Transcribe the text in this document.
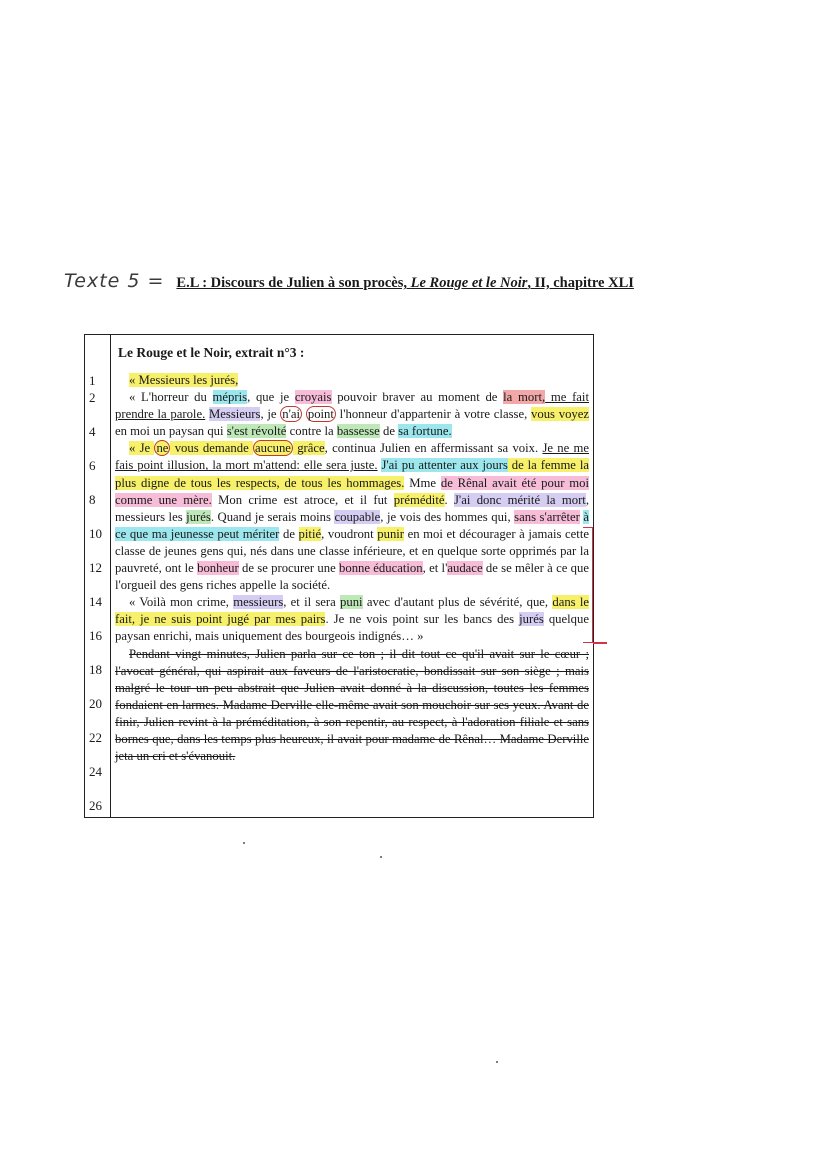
Texte 5 = E.L : Discours de Julien à son procès, Le Rouge et le Noir, II, chapitre XLI
1
2
4
6
8
10
12
14
16
18
20
22
24
26
Le Rouge et le Noir, extrait n°3 :

« Messieurs les jurés,

« L'horreur du mépris, que je croyais pouvoir braver au moment de la mort, me fait prendre la parole. Messieurs, je n'ai point l'honneur d'appartenir à votre classe, vous voyez en moi un paysan qui s'est révolté contre la bassesse de sa fortune.

« Je ne vous demande aucune grâce, continua Julien en affermissant sa voix. Je ne me fais point illusion, la mort m'attend: elle sera juste. J'ai pu attenter aux jours de la femme la plus digne de tous les respects, de tous les hommages. Mme de Rênal avait été pour moi comme une mère. Mon crime est atroce, et il fut prémédité. J'ai donc mérité la mort, messieurs les jurés. Quand je serais moins coupable, je vois des hommes qui, sans s'arrêter à ce que ma jeunesse peut mériter de pitié, voudront punir en moi et décourager à jamais cette classe de jeunes gens qui, nés dans une classe inférieure, et en quelque sorte opprimés par la pauvreté, ont le bonheur de se procurer une bonne éducation, et l'audace de se mêler à ce que l'orgueil des gens riches appelle la société.

« Voilà mon crime, messieurs, et il sera puni avec d'autant plus de sévérité, que, dans le fait, je ne suis point jugé par mes pairs. Je ne vois point sur les bancs des jurés quelque paysan enrichi, mais uniquement des bourgeois indignés… »

Pendant vingt minutes, Julien parla sur ce ton ; il dit tout ce qu'il avait sur le cœur ; l'avocat général, qui aspirait aux faveurs de l'aristocratie, bondissait sur son siège ; mais malgré le tour un peu abstrait que Julien avait donné à la discussion, toutes les femmes fondaient en larmes. Madame Derville elle-même avait son mouchoir sur ses yeux. Avant de finir, Julien revint à la préméditation, à son repentir, au respect, à l'adoration filiale et sans bornes que, dans les temps plus heureux, il avait pour madame de Rênal… Madame Derville jeta un cri et s'évanouit.
